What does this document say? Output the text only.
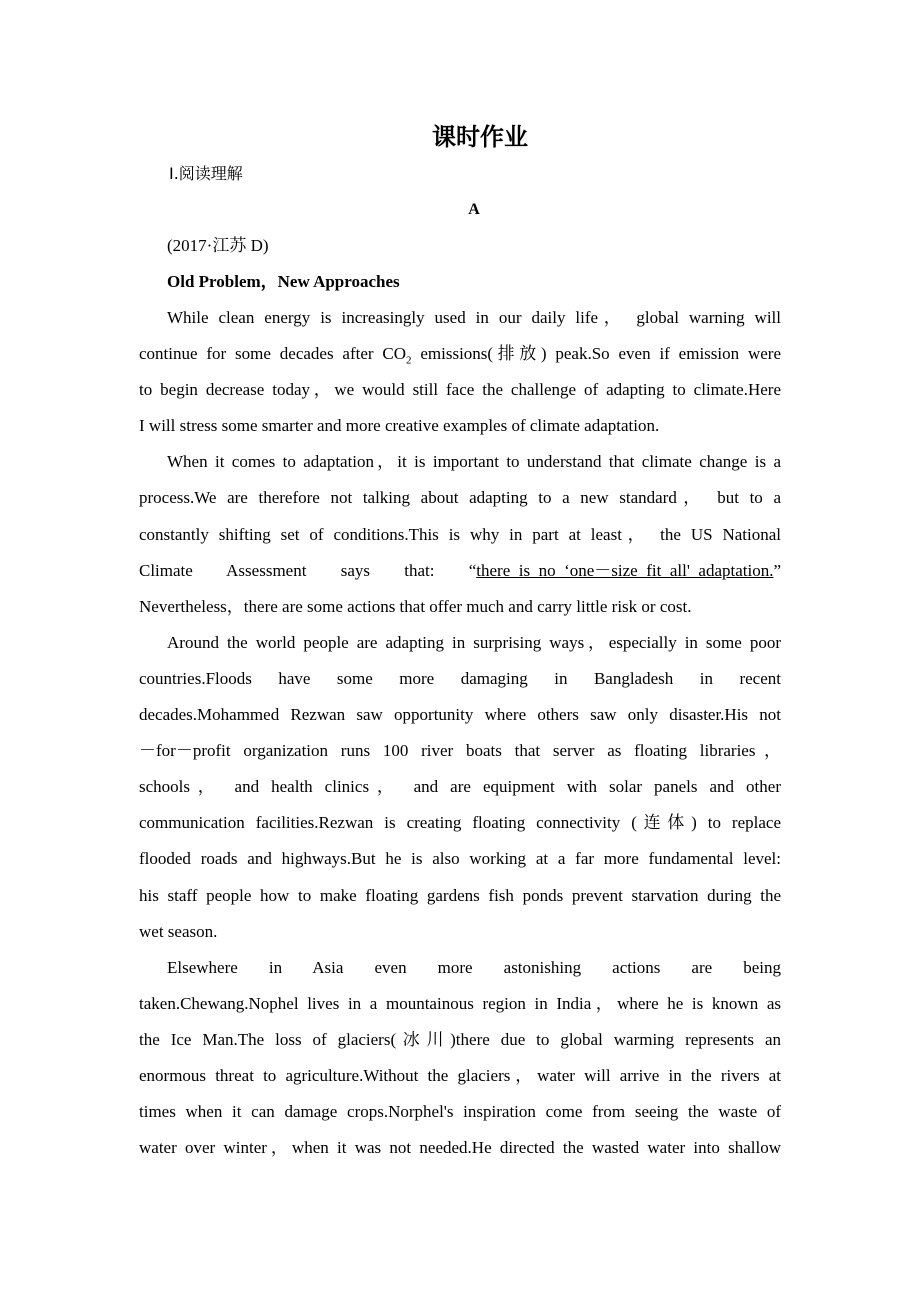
课时作业
Ⅰ.阅读理解
A
(2017·江苏 D)
Old Problem，New Approaches
While clean energy is increasingly used in our daily life， global warning will
continue for some decades after $CO_2$ emissions(排放) peak.So even if emission were
to begin decrease today，we would still face the challenge of adapting to climate.Here
I will stress some smarter and more creative examples of climate adaptation.
When it comes to adaptation，it is important to understand that climate change is a
process.We are therefore not talking about adapting to a new standard， but to a
constantly shifting set of conditions.This is why in part at least， the US National
Climate Assessment says that: “there_is_no_‘one－size_fit_all'_adaptation.”
Nevertheless，there are some actions that offer much and carry little risk or cost.
Around the world people are adapting in surprising ways，especially in some poor
countries.Floods have some more damaging in Bangladesh in recent
decades.Mohammed Rezwan saw opportunity where others saw only disaster.His not
－for－profit organization runs 100 river boats that server as floating libraries，
schools， and health clinics， and are equipment with solar panels and other
communication facilities.Rezwan is creating floating connectivity (连体) to replace
flooded roads and highways.But he is also working at a far more fundamental level:
his staff people how to make floating gardens fish ponds prevent starvation during the
wet season.
Elsewhere in Asia even more astonishing actions are being
taken.Chewang.Nophel lives in a mountainous region in India，where he is known as
the Ice Man.The loss of glaciers(冰川)there due to global warming represents an
enormous threat to agriculture.Without the glaciers，water will arrive in the rivers at
times when it can damage crops.Norphel's inspiration come from seeing the waste of
water over winter，when it was not needed.He directed the wasted water into shallow
